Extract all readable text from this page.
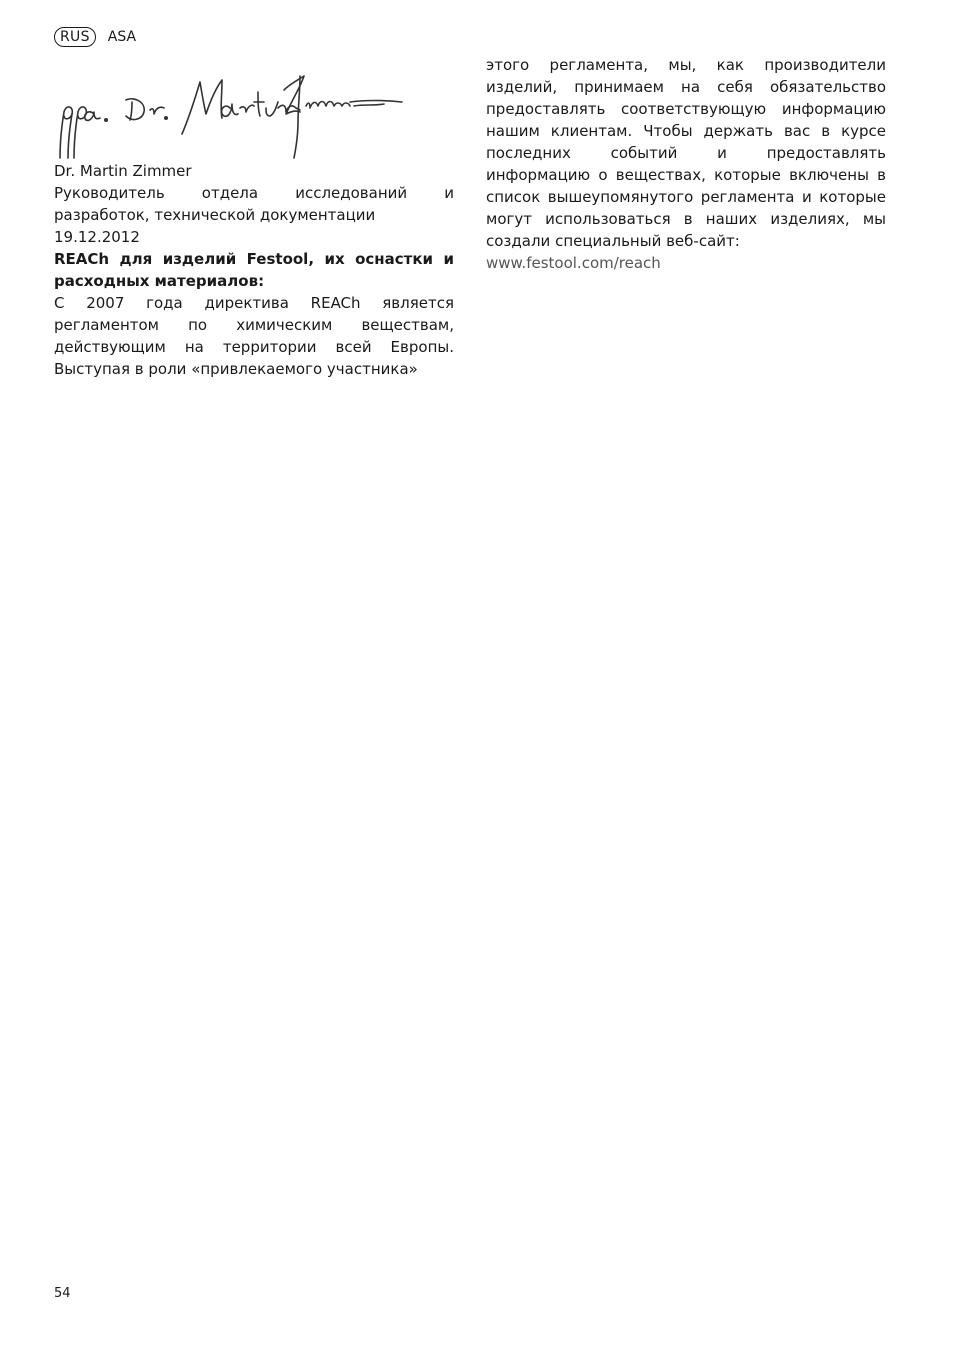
RUS	ASA

Dr. Martin Zimmer

Руководитель отдела исследований и разработок, технической документации

19.12.2012

REACh для изделий Festool, их оснастки и расходных материалов:

С 2007 года директива REACh является регламентом по химическим веществам, действующим на территории всей Европы. Выступая в роли «привлекаемого участника»

этого регламента, мы, как производители изделий, принимаем на себя обязательство предоставлять соответствующую информацию нашим клиентам. Чтобы держать вас в курсе последних событий и предоставлять информацию о веществах, которые включены в список вышеупомянутого регламента и которые могут использоваться в наших изделиях, мы создали специальный веб-сайт:

www.festool.com/reach

54
